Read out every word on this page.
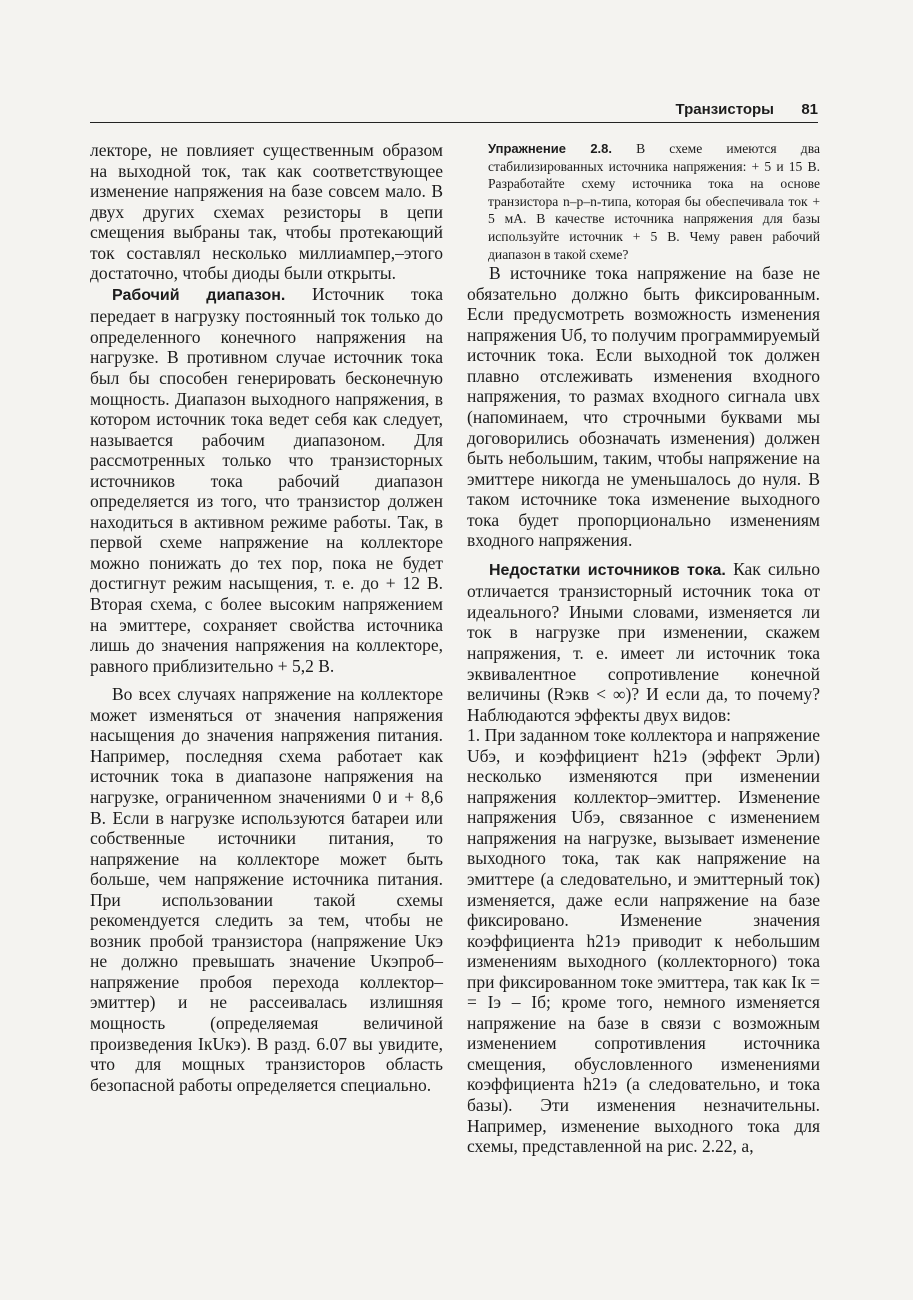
Транзисторы 81

лекторе, не повлияет существенным образом на выходной ток, так как соответствующее изменение напряжения на базе совсем мало. В двух других схемах резисторы в цепи смещения выбраны так, чтобы протекающий ток составлял несколько миллиампер,–этого достаточно, чтобы диоды были открыты.

Рабочий диапазон. Источник тока передает в нагрузку постоянный ток только до определенного конечного напряжения на нагрузке. В противном случае источник тока был бы способен генерировать бесконечную мощность. Диапазон выходного напряжения, в котором источник тока ведет себя как следует, называется рабочим диапазоном. Для рассмотренных только что транзисторных источников тока рабочий диапазон определяется из того, что транзистор должен находиться в активном режиме работы. Так, в первой схеме напряжение на коллекторе можно понижать до тех пор, пока не будет достигнут режим насыщения, т. е. до + 12 В. Вторая схема, с более высоким напряжением на эмиттере, сохраняет свойства источника лишь до значения напряжения на коллекторе, равного приблизительно + 5,2 В.

Во всех случаях напряжение на коллекторе может изменяться от значения напряжения насыщения до значения напряжения питания. Например, последняя схема работает как источник тока в диапазоне напряжения на нагрузке, ограниченном значениями 0 и + 8,6 В. Если в нагрузке используются батареи или собственные источники питания, то напряжение на коллекторе может быть больше, чем напряжение источника питания. При использовании такой схемы рекомендуется следить за тем, чтобы не возник пробой транзистора (напряжение Uкэ не должно превышать значение Uкэпроб–напряжение пробоя перехода коллектор–эмиттер) и не рассеивалась излишняя мощность (определяемая величиной произведения IкUкэ). В разд. 6.07 вы увидите, что для мощных транзисторов область безопасной работы определяется специально.

Упражнение 2.8. В схеме имеются два стабилизированных источника напряжения: + 5 и 15 В. Разработайте схему источника тока на основе транзистора n–p–n-типа, которая бы обеспечивала ток + 5 мА. В качестве источника напряжения для базы используйте источник + 5 В. Чему равен рабочий диапазон в такой схеме?

В источнике тока напряжение на базе не обязательно должно быть фиксированным. Если предусмотреть возможность изменения напряжения Uб, то получим программируемый источник тока. Если выходной ток должен плавно отслеживать изменения входного напряжения, то размах входного сигнала uвх (напоминаем, что строчными буквами мы договорились обозначать изменения) должен быть небольшим, таким, чтобы напряжение на эмиттере никогда не уменьшалось до нуля. В таком источнике тока изменение выходного тока будет пропорционально изменениям входного напряжения.

Недостатки источников тока. Как сильно отличается транзисторный источник тока от идеального? Иными словами, изменяется ли ток в нагрузке при изменении, скажем напряжения, т. е. имеет ли источник тока эквивалентное сопротивление конечной величины (Rэкв < ∞)? И если да, то почему? Наблюдаются эффекты двух видов:

1. При заданном токе коллектора и напряжение Uбэ, и коэффициент h21э (эффект Эрли) несколько изменяются при изменении напряжения коллектор–эмиттер. Изменение напряжения Uбэ, связанное с изменением напряжения на нагрузке, вызывает изменение выходного тока, так как напряжение на эмиттере (а следовательно, и эмиттерный ток) изменяется, даже если напряжение на базе фиксировано. Изменение значения коэффициента h21э приводит к небольшим изменениям выходного (коллекторного) тока при фиксированном токе эмиттера, так как Iк = = Iэ – Iб; кроме того, немного изменяется напряжение на базе в связи с возможным изменением сопротивления источника смещения, обусловленного изменениями коэффициента h21э (а следовательно, и тока базы). Эти изменения незначительны. Например, изменение выходного тока для схемы, представленной на рис. 2.22, а,
